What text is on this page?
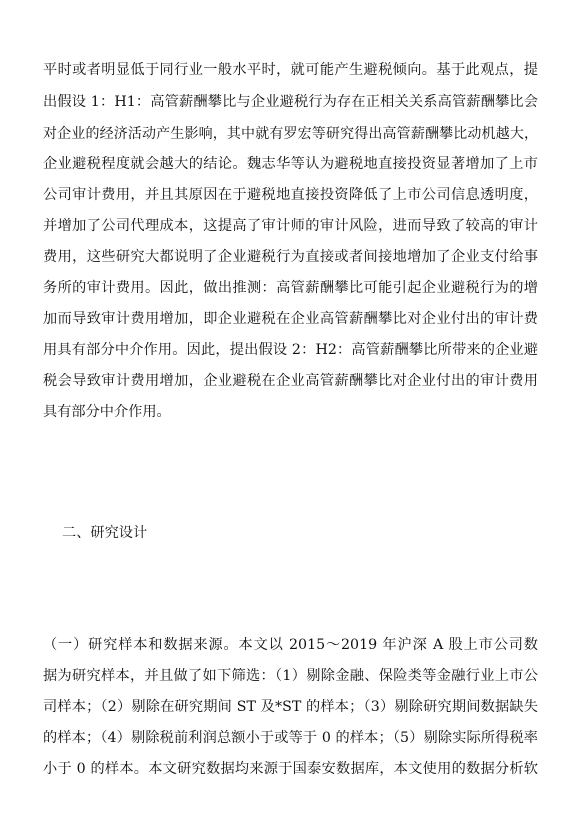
平时或者明显低于同行业一般水平时，就可能产生避税倾向。基于此观点，提
出假设 1：H1：高管薪酬攀比与企业避税行为存在正相关关系高管薪酬攀比会
对企业的经济活动产生影响，其中就有罗宏等研究得出高管薪酬攀比动机越大，
企业避税程度就会越大的结论。魏志华等认为避税地直接投资显著增加了上市
公司审计费用，并且其原因在于避税地直接投资降低了上市公司信息透明度，
并增加了公司代理成本，这提高了审计师的审计风险，进而导致了较高的审计
费用，这些研究大都说明了企业避税行为直接或者间接地增加了企业支付给事
务所的审计费用。因此，做出推测：高管薪酬攀比可能引起企业避税行为的增
加而导致审计费用增加，即企业避税在企业高管薪酬攀比对企业付出的审计费
用具有部分中介作用。因此，提出假设 2：H2：高管薪酬攀比所带来的企业避
税会导致审计费用增加，企业避税在企业高管薪酬攀比对企业付出的审计费用
具有部分中介作用。
二、研究设计
（一）研究样本和数据来源。本文以 2015～2019 年沪深 A 股上市公司数
据为研究样本，并且做了如下筛选：（1）剔除金融、保险类等金融行业上市公
司样本；（2）剔除在研究期间 ST 及*ST 的样本；（3）剔除研究期间数据缺失
的样本；（4）剔除税前利润总额小于或等于 0 的样本；（5）剔除实际所得税率
小于 0 的样本。本文研究数据均来源于国泰安数据库，本文使用的数据分析软
